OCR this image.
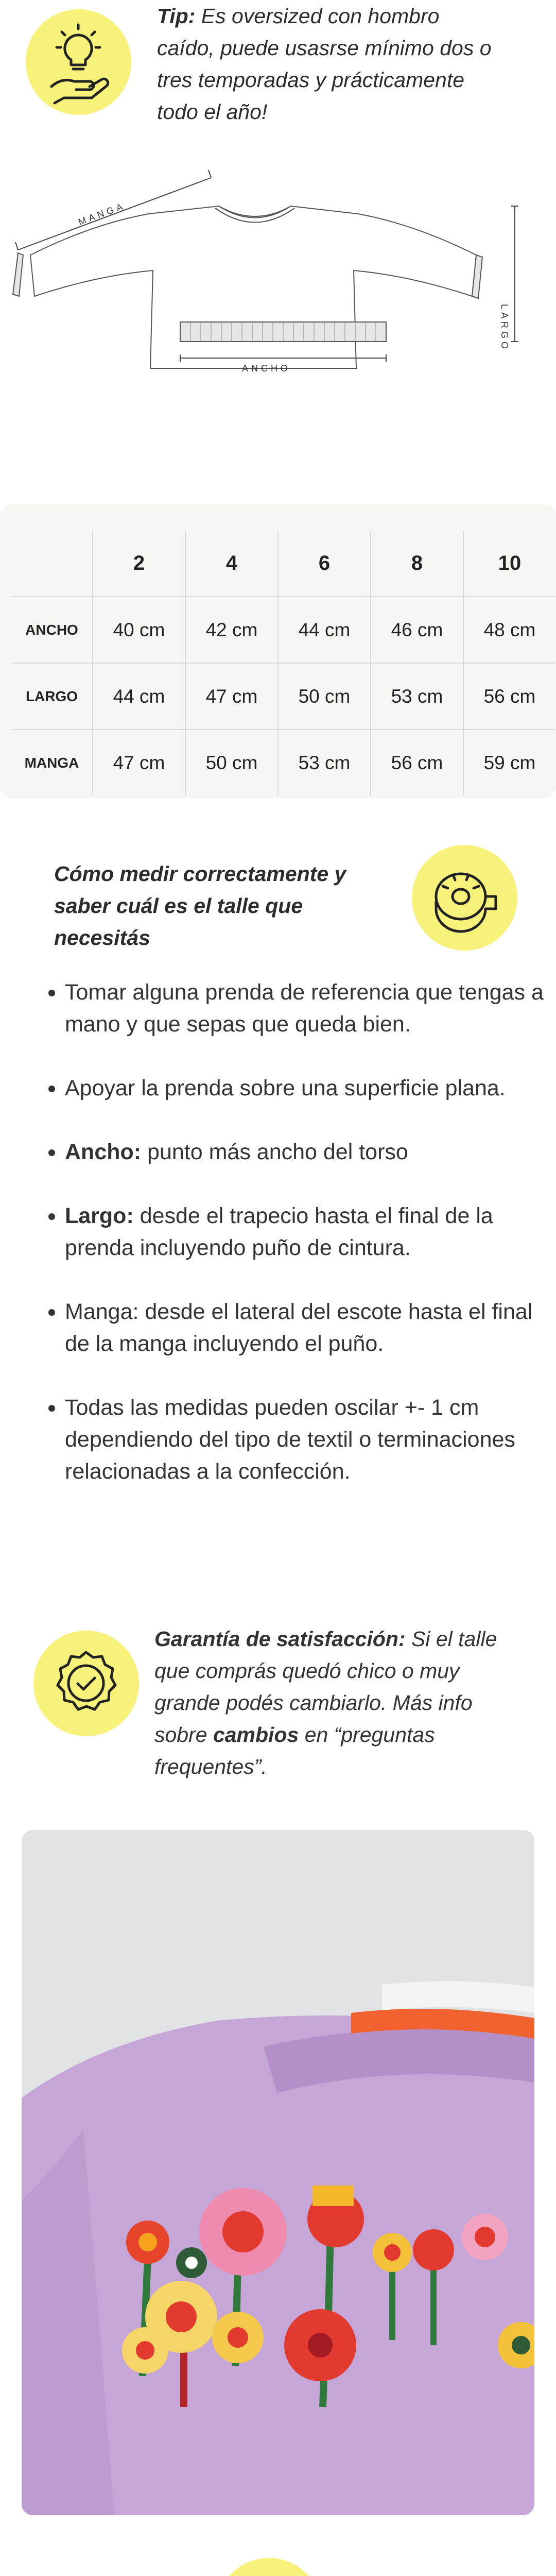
Tip: Es oversized con hombro caído, puede usasrse mínimo dos o tres temporadas y prácticamente todo el año!
MANGA
ANCHO
LARGO
	2	4	6	8	10
ANCHO	40 cm	42 cm	44 cm	46 cm	48 cm
LARGO	44 cm	47 cm	50 cm	53 cm	56 cm
MANGA	47 cm	50 cm	53 cm	56 cm	59 cm
Cómo medir correctamente y saber cuál es el talle que necesitás
• Tomar alguna prenda de referencia que tengas a mano y que sepas que queda bien.
• Apoyar la prenda sobre una superficie plana.
• Ancho: punto más ancho del torso
• Largo: desde el trapecio hasta el final de la prenda incluyendo puño de cintura.
• Manga: desde el lateral del escote hasta el final de la manga incluyendo el puño.
• Todas las medidas pueden oscilar +- 1 cm dependiendo del tipo de textil o terminaciones relacionadas a la confección.
Garantía de satisfacción: Si el talle que comprás quedó chico o muy grande podés cambiarlo. Más info sobre cambios en “preguntas frequentes”.
